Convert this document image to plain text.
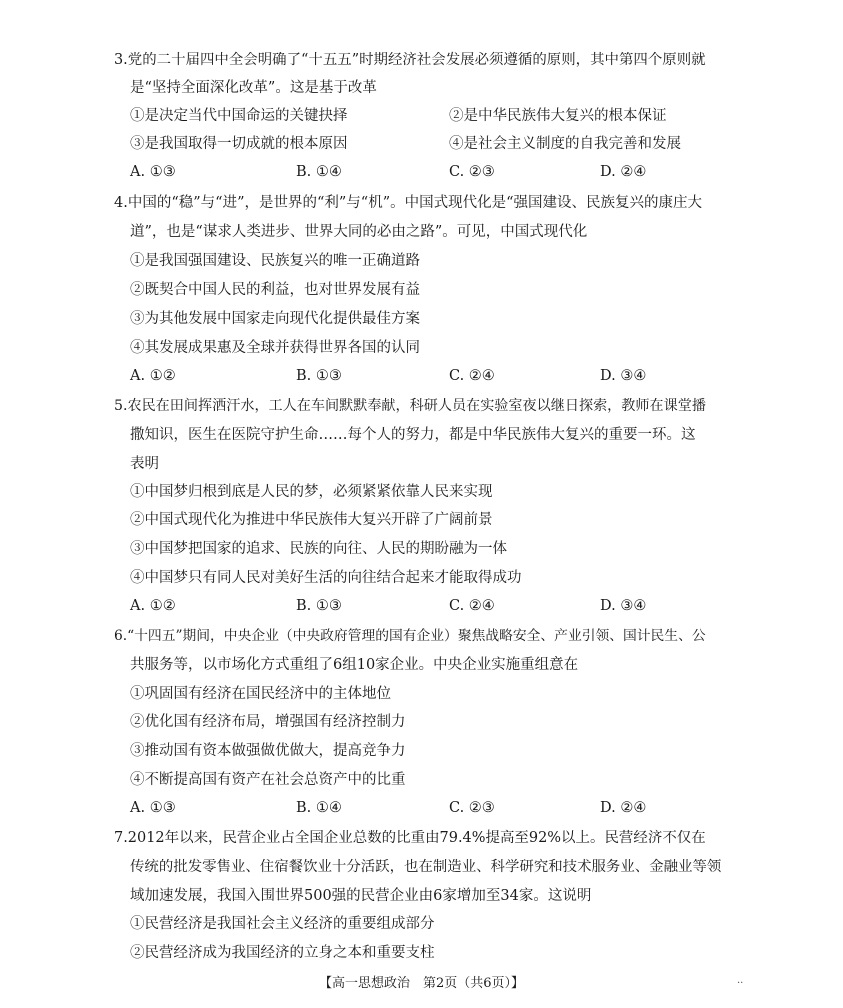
3.党的二十届四中全会明确了“十五五”时期经济社会发展必须遵循的原则，其中第四个原则就
是“坚持全面深化改革”。这是基于改革
①是决定当代中国命运的关键抉择	②是中华民族伟大复兴的根本保证
③是我国取得一切成就的根本原因	④是社会主义制度的自我完善和发展
A. ①③	B. ①④	C. ②③	D. ②④
4.中国的“稳”与“进”，是世界的“利”与“机”。中国式现代化是“强国建设、民族复兴的康庄大
道”，也是“谋求人类进步、世界大同的必由之路”。可见，中国式现代化
①是我国强国建设、民族复兴的唯一正确道路
②既契合中国人民的利益，也对世界发展有益
③为其他发展中国家走向现代化提供最佳方案
④其发展成果惠及全球并获得世界各国的认同
A. ①②	B. ①③	C. ②④	D. ③④
5.农民在田间挥洒汗水，工人在车间默默奉献，科研人员在实验室夜以继日探索，教师在课堂播
撒知识，医生在医院守护生命……每个人的努力，都是中华民族伟大复兴的重要一环。这
表明
①中国梦归根到底是人民的梦，必须紧紧依靠人民来实现
②中国式现代化为推进中华民族伟大复兴开辟了广阔前景
③中国梦把国家的追求、民族的向往、人民的期盼融为一体
④中国梦只有同人民对美好生活的向往结合起来才能取得成功
A. ①②	B. ①③	C. ②④	D. ③④
6.“十四五”期间，中央企业（中央政府管理的国有企业）聚焦战略安全、产业引领、国计民生、公
共服务等，以市场化方式重组了6组10家企业。中央企业实施重组意在
①巩固国有经济在国民经济中的主体地位
②优化国有经济布局，增强国有经济控制力
③推动国有资本做强做优做大，提高竞争力
④不断提高国有资产在社会总资产中的比重
A. ①③	B. ①④	C. ②③	D. ②④
7.2012年以来，民营企业占全国企业总数的比重由79.4%提高至92%以上。民营经济不仅在
传统的批发零售业、住宿餐饮业十分活跃，也在制造业、科学研究和技术服务业、金融业等领
域加速发展，我国入围世界500强的民营企业由6家增加至34家。这说明
①民营经济是我国社会主义经济的重要组成部分
②民营经济成为我国经济的立身之本和重要支柱
【高一思想政治　第2页（共6页）】	··
